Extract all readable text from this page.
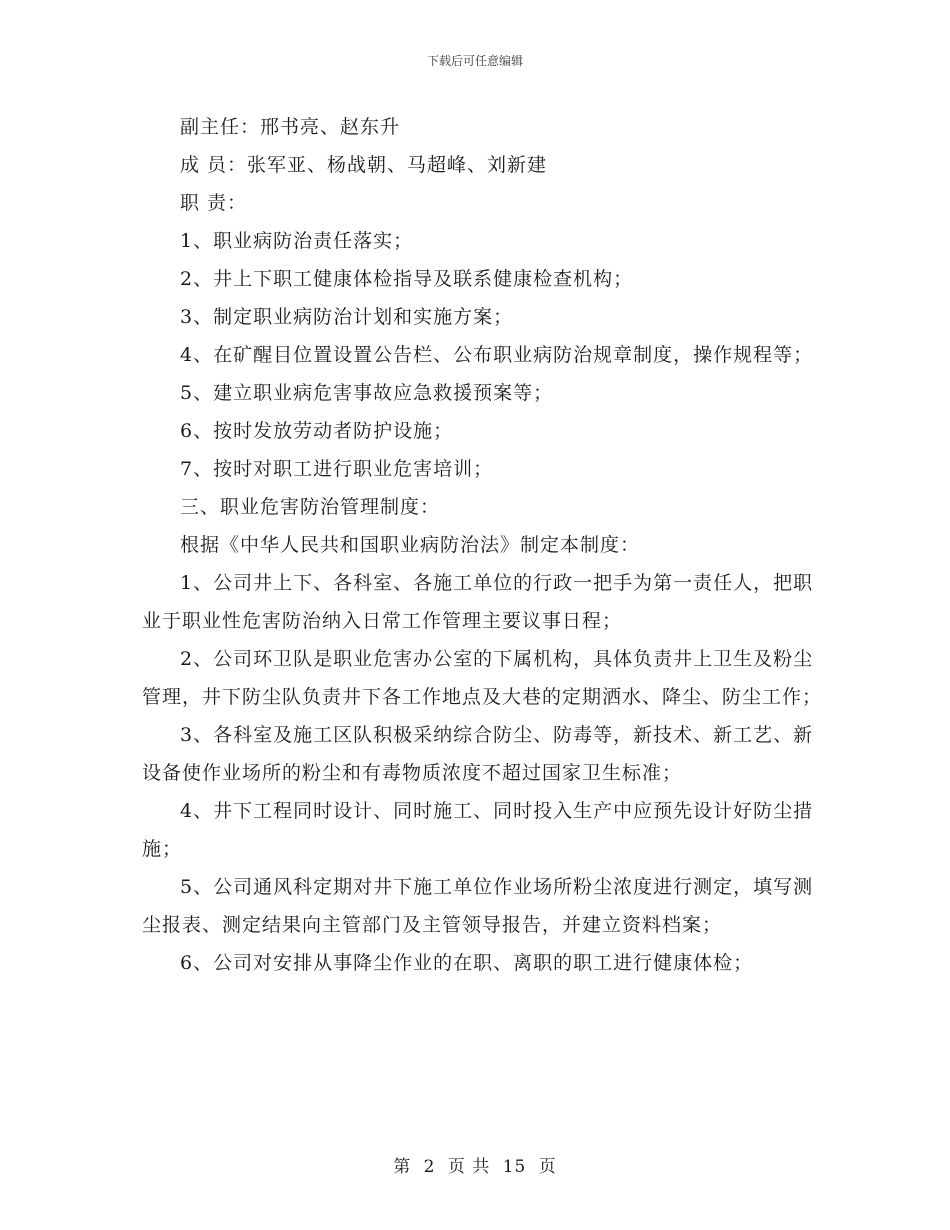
下载后可任意编辑

副主任：邢书亮、赵东升

成 员：张军亚、杨战朝、马超峰、刘新建

职 责：

1、职业病防治责任落实；

2、井上下职工健康体检指导及联系健康检查机构；

3、制定职业病防治计划和实施方案；

4、在矿醒目位置设置公告栏、公布职业病防治规章制度，操作规程等；

5、建立职业病危害事故应急救援预案等；

6、按时发放劳动者防护设施；

7、按时对职工进行职业危害培训；

三、职业危害防治管理制度：

根据《中华人民共和国职业病防治法》制定本制度：

1、公司井上下、各科室、各施工单位的行政一把手为第一责任人，把职业于职业性危害防治纳入日常工作管理主要议事日程；

2、公司环卫队是职业危害办公室的下属机构，具体负责井上卫生及粉尘管理，井下防尘队负责井下各工作地点及大巷的定期洒水、降尘、防尘工作；

3、各科室及施工区队积极采纳综合防尘、防毒等，新技术、新工艺、新设备使作业场所的粉尘和有毒物质浓度不超过国家卫生标准；

4、井下工程同时设计、同时施工、同时投入生产中应预先设计好防尘措施；

5、公司通风科定期对井下施工单位作业场所粉尘浓度进行测定，填写测尘报表、测定结果向主管部门及主管领导报告，并建立资料档案；

6、公司对安排从事降尘作业的在职、离职的职工进行健康体检；

第 2 页 共 15 页
